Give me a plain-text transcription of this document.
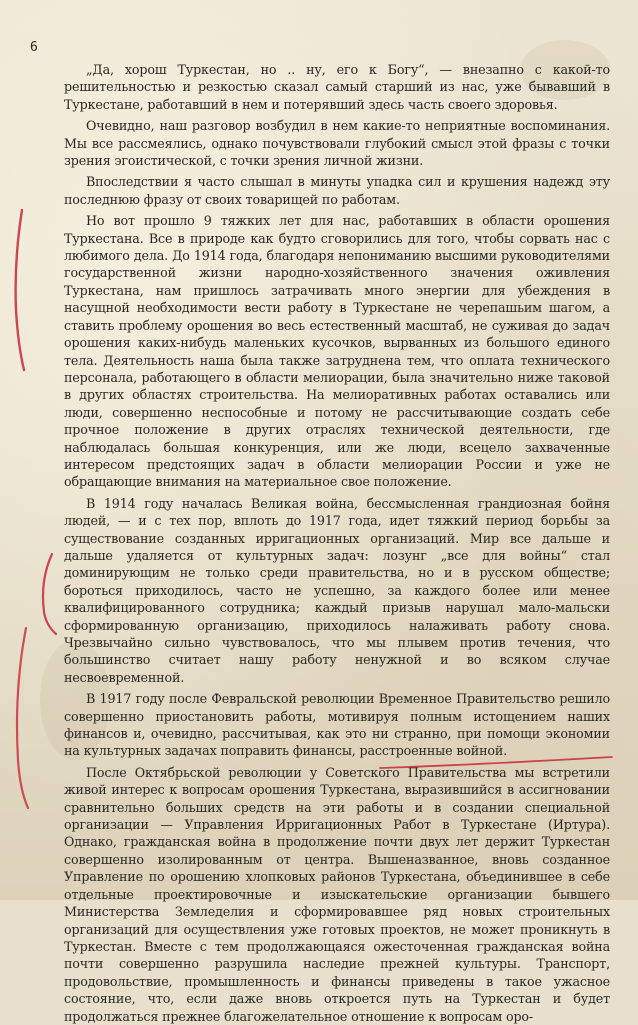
6

„Да, хорош Туркестан, но .. ну, его к Богу“, — внезапно с какой-то решительностью и резкостью сказал самый старший из нас, уже бывавший в Туркестане, работавший в нем и потерявший здесь часть своего здоровья.

Очевидно, наш разговор возбудил в нем какие-то неприятные воспоминания. Мы все рассмеялись, однако почувствовали глубокий смысл этой фразы с точки зрения эгоистической, с точки зрения личной жизни.

Впоследствии я часто слышал в минуты упадка сил и крушения надежд эту последнюю фразу от своих товарищей по работам.

Но вот прошло 9 тяжких лет для нас, работавших в области орошения Туркестана. Все в природе как будто сговорились для того, чтобы сорвать нас с любимого дела. До 1914 года, благодаря непониманию высшими руководителями государственной жизни народно-хозяйственного значения оживления Туркестана, нам пришлось затрачивать много энергии для убеждения в насущной необходимости вести работу в Туркестане не черепашьим шагом, а ставить проблему орошения во весь естественный масштаб, не суживая до задач орошения каких-нибудь маленьких кусочков, вырванных из большого единого тела. Деятельность наша была также затруднена тем, что оплата технического персонала, работающего в области мелиорации, была значительно ниже таковой в других областях строительства. На мелиоративных работах оставались или люди, совершенно неспособные и потому не рассчитывающие создать себе прочное положение в других отраслях технической деятельности, где наблюдалась большая конкуренция, или же люди, всецело захваченные интересом предстоящих задач в области мелиорации России и уже не обращающие внимания на материальное свое положение.

В 1914 году началась Великая война, бессмысленная грандиозная бойня людей, — и с тех пор, вплоть до 1917 года, идет тяжкий период борьбы за существование созданных ирригационных организаций. Мир все дальше и дальше удаляется от культурных задач: лозунг „все для войны“ стал доминирующим не только среди правительства, но и в русском обществе; бороться приходилось, часто не успешно, за каждого более или менее квалифицированного сотрудника; каждый призыв нарушал мало-мальски сформированную организацию, приходилось налаживать работу снова. Чрезвычайно сильно чувствовалось, что мы плывем против течения, что большинство считает нашу работу ненужной и во всяком случае несвоевременной.

В 1917 году после Февральской революции Временное Правительство решило совершенно приостановить работы, мотивируя полным истощением наших финансов и, очевидно, рассчитывая, как это ни странно, при помощи экономии на культурных задачах поправить финансы, расстроенные войной.

После Октябрьской революции у Советского Правительства мы встретили живой интерес к вопросам орошения Туркестана, выразившийся в ассигновании сравнительно больших средств на эти работы и в создании специальной организации — Управления Ирригационных Работ в Туркестане (Иртура). Однако, гражданская война в продолжение почти двух лет держит Туркестан совершенно изолированным от центра. Вышеназванное, вновь созданное Управление по орошению хлопковых районов Туркестана, объединившее в себе отдельные проектировочные и изыскательские организации бывшего Министерства Земледелия и сформировавшее ряд новых строительных организаций для осуществления уже готовых проектов, не может проникнуть в Туркестан. Вместе с тем продолжающаяся ожесточенная гражданская война почти совершенно разрушила наследие прежней культуры. Транспорт, продовольствие, промышленность и финансы приведены в такое ужасное состояние, что, если даже вновь откроется путь на Туркестан и будет продолжаться прежнее благожелательное отношение к вопросам оро-
